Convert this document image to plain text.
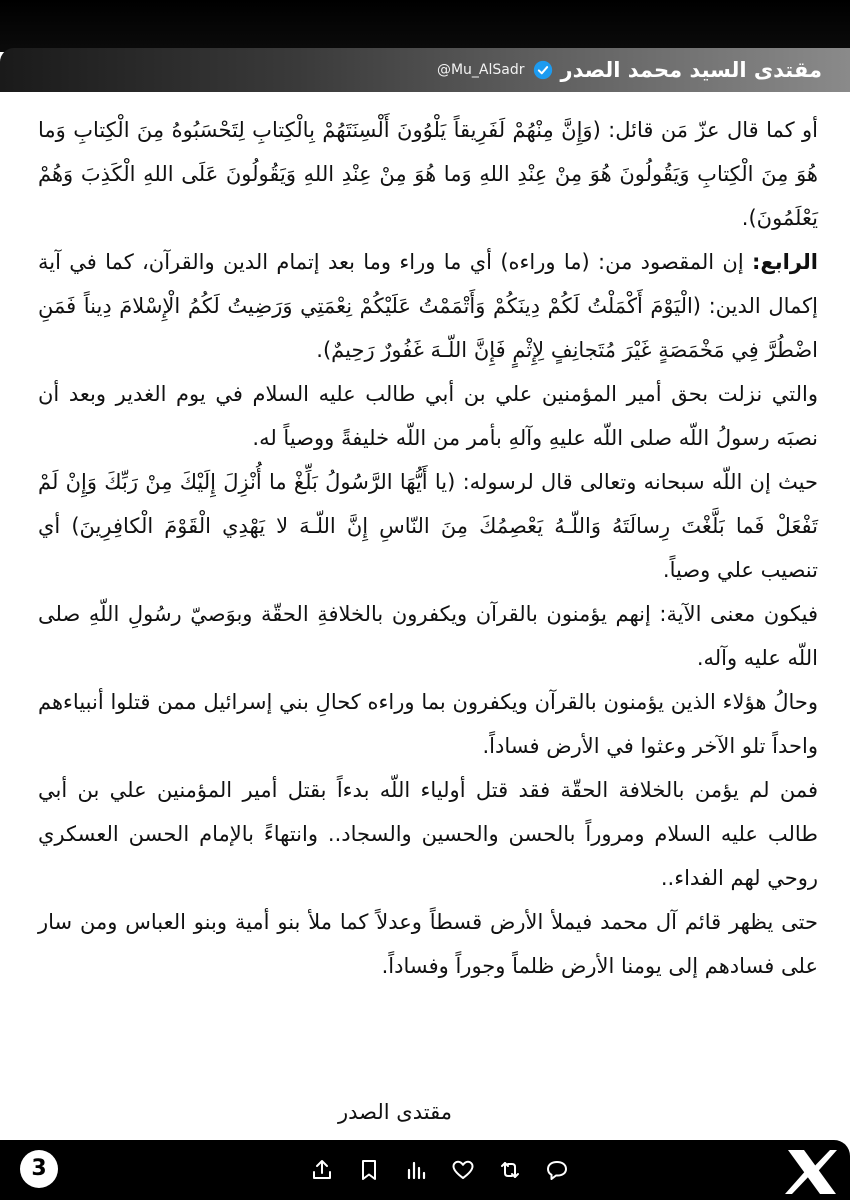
مقتدى السيد محمد الصدر
@Mu_AlSadr

أو كما قال عزّ مَن قائل: (وَإِنَّ مِنْهُمْ لَفَرِيقاً يَلْوُونَ أَلْسِنَتَهُمْ بِالْكِتابِ لِتَحْسَبُوهُ مِنَ الْكِتابِ وَما هُوَ مِنَ الْكِتابِ وَيَقُولُونَ هُوَ مِنْ عِنْدِ اللهِ وَما هُوَ مِنْ عِنْدِ اللهِ وَيَقُولُونَ عَلَى اللهِ الْكَذِبَ وَهُمْ يَعْلَمُونَ).

الرابع: إن المقصود من: (ما وراءه) أي ما وراء وما بعد إتمام الدين والقرآن، كما في آية إكمال الدين: (الْيَوْمَ أَكْمَلْتُ لَكُمْ دِينَكُمْ وَأَتْمَمْتُ عَلَيْكُمْ نِعْمَتِي وَرَضِيتُ لَكُمُ الْإِسْلامَ دِيناً فَمَنِ اضْطُرَّ فِي مَخْمَصَةٍ غَيْرَ مُتَجانِفٍ لِإِثْمٍ فَإِنَّ اللّـهَ غَفُورٌ رَحِيمٌ).

والتي نزلت بحق أمير المؤمنين علي بن أبي طالب عليه السلام في يوم الغدير وبعد أن نصبَه رسولُ اللّه صلى اللّه عليهِ وآلهِ بأمر من اللّه خليفةً ووصياً له.

حيث إن اللّه سبحانه وتعالى قال لرسوله: (يا أَيُّهَا الرَّسُولُ بَلِّغْ ما أُنْزِلَ إِلَيْكَ مِنْ رَبِّكَ وَإِنْ لَمْ تَفْعَلْ فَما بَلَّغْتَ رِسالَتَهُ وَاللّـهُ يَعْصِمُكَ مِنَ النّاسِ إِنَّ اللّـهَ لا يَهْدِي الْقَوْمَ الْكافِرِينَ) أي تنصيب علي وصياً.

فيكون معنى الآية: إنهم يؤمنون بالقرآن ويكفرون بالخلافةِ الحقّة وبوَصيّ رسُولِ اللّهِ صلى اللّه عليه وآله.

وحالُ هؤلاء الذين يؤمنون بالقرآن ويكفرون بما وراءه كحالِ بني إسرائيل ممن قتلوا أنبياءهم واحداً تلو الآخر وعثوا في الأرض فساداً.

فمن لم يؤمن بالخلافة الحقّة فقد قتل أولياء اللّه بدءاً بقتل أمير المؤمنين علي بن أبي طالب عليه السلام ومروراً بالحسن والحسين والسجاد.. وانتهاءً بالإمام الحسن العسكري روحي لهم الفداء..

حتى يظهر قائم آل محمد فيملأ الأرض قسطاً وعدلاً كما ملأ بنو أمية وبنو العباس ومن سار على فسادهم إلى يومنا الأرض ظلماً وجوراً وفساداً.

مقتدى الصدر
3
